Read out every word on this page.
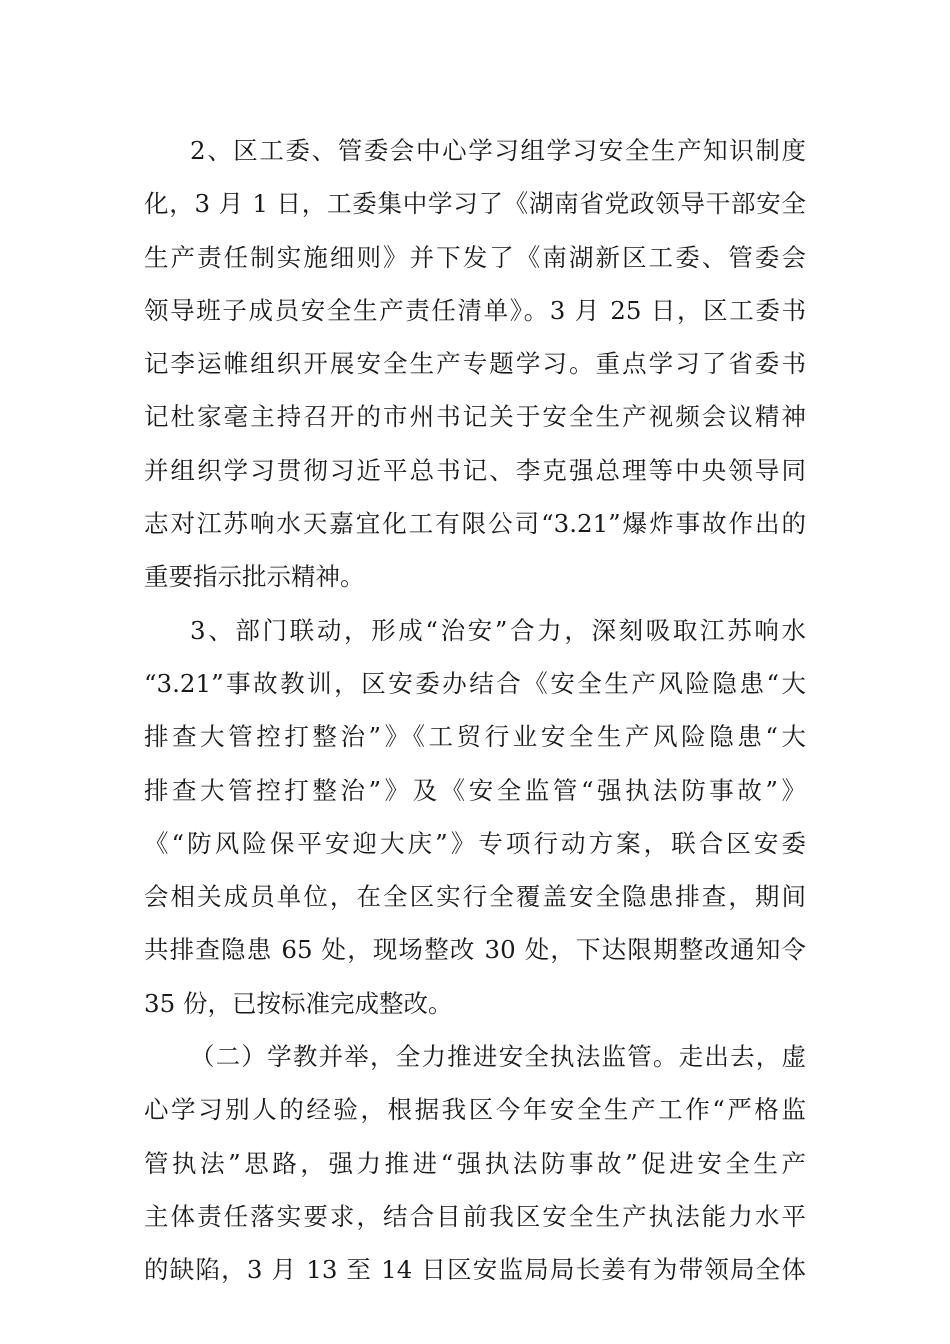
2、区工委、管委会中心学习组学习安全生产知识制度
化，3 月 1 日，工委集中学习了《湖南省党政领导干部安全
生产责任制实施细则》并下发了《南湖新区工委、管委会
领导班子成员安全生产责任清单》。3 月 25 日，区工委书
记李运帷组织开展安全生产专题学习。重点学习了省委书
记杜家毫主持召开的市州书记关于安全生产视频会议精神
并组织学习贯彻习近平总书记、李克强总理等中央领导同
志对江苏响水天嘉宜化工有限公司“3.21”爆炸事故作出的
重要指示批示精神。
3、部门联动，形成“治安”合力，深刻吸取江苏响水
“3.21”事故教训，区安委办结合《安全生产风险隐患“大
排查大管控打整治”》《工贸行业安全生产风险隐患“大
排查大管控打整治”》及《安全监管“强执法防事故”》
《“防风险保平安迎大庆”》专项行动方案，联合区安委
会相关成员单位，在全区实行全覆盖安全隐患排查，期间
共排查隐患 65 处，现场整改 30 处，下达限期整改通知令
35 份，已按标准完成整改。
（二）学教并举，全力推进安全执法监管。走出去，虚
心学习别人的经验，根据我区今年安全生产工作“严格监
管执法”思路，强力推进“强执法防事故”促进安全生产
主体责任落实要求，结合目前我区安全生产执法能力水平
的缺陷，3 月 13 至 14 日区安监局局长姜有为带领局全体
